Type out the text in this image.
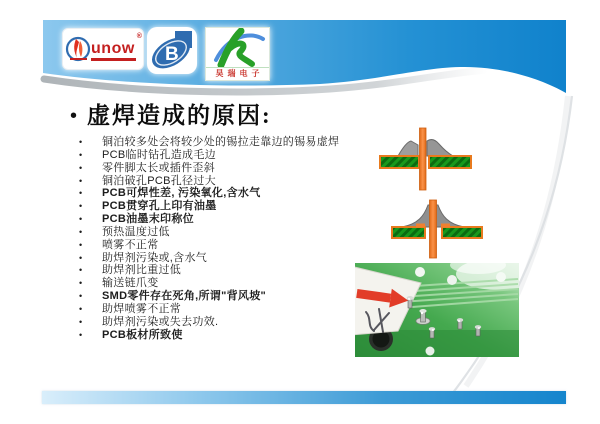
unow®
B
昊瑞电子
• 虚焊造成的原因:
•	铜泊较多处会将较少处的锡拉走靠边的锡易虚焊
•	PCB临时钻孔造成毛边
•	零件脚太长或插件歪斜
•	铜泊破孔PCB孔径过大
•	PCB可焊性差, 污染氧化,含水气
•	PCB贯穿孔上印有油墨
•	PCB油墨末印称位
•	预热温度过低
•	喷雾不正常
•	助焊剂污染或,含水气
•	助焊剂比重过低
•	输送链爪变
•	SMD零件存在死角,所谓"背风坡"
•	助焊喷雾不正常
•	助焊剂污染或失去功效.
•	PCB板材所致使
